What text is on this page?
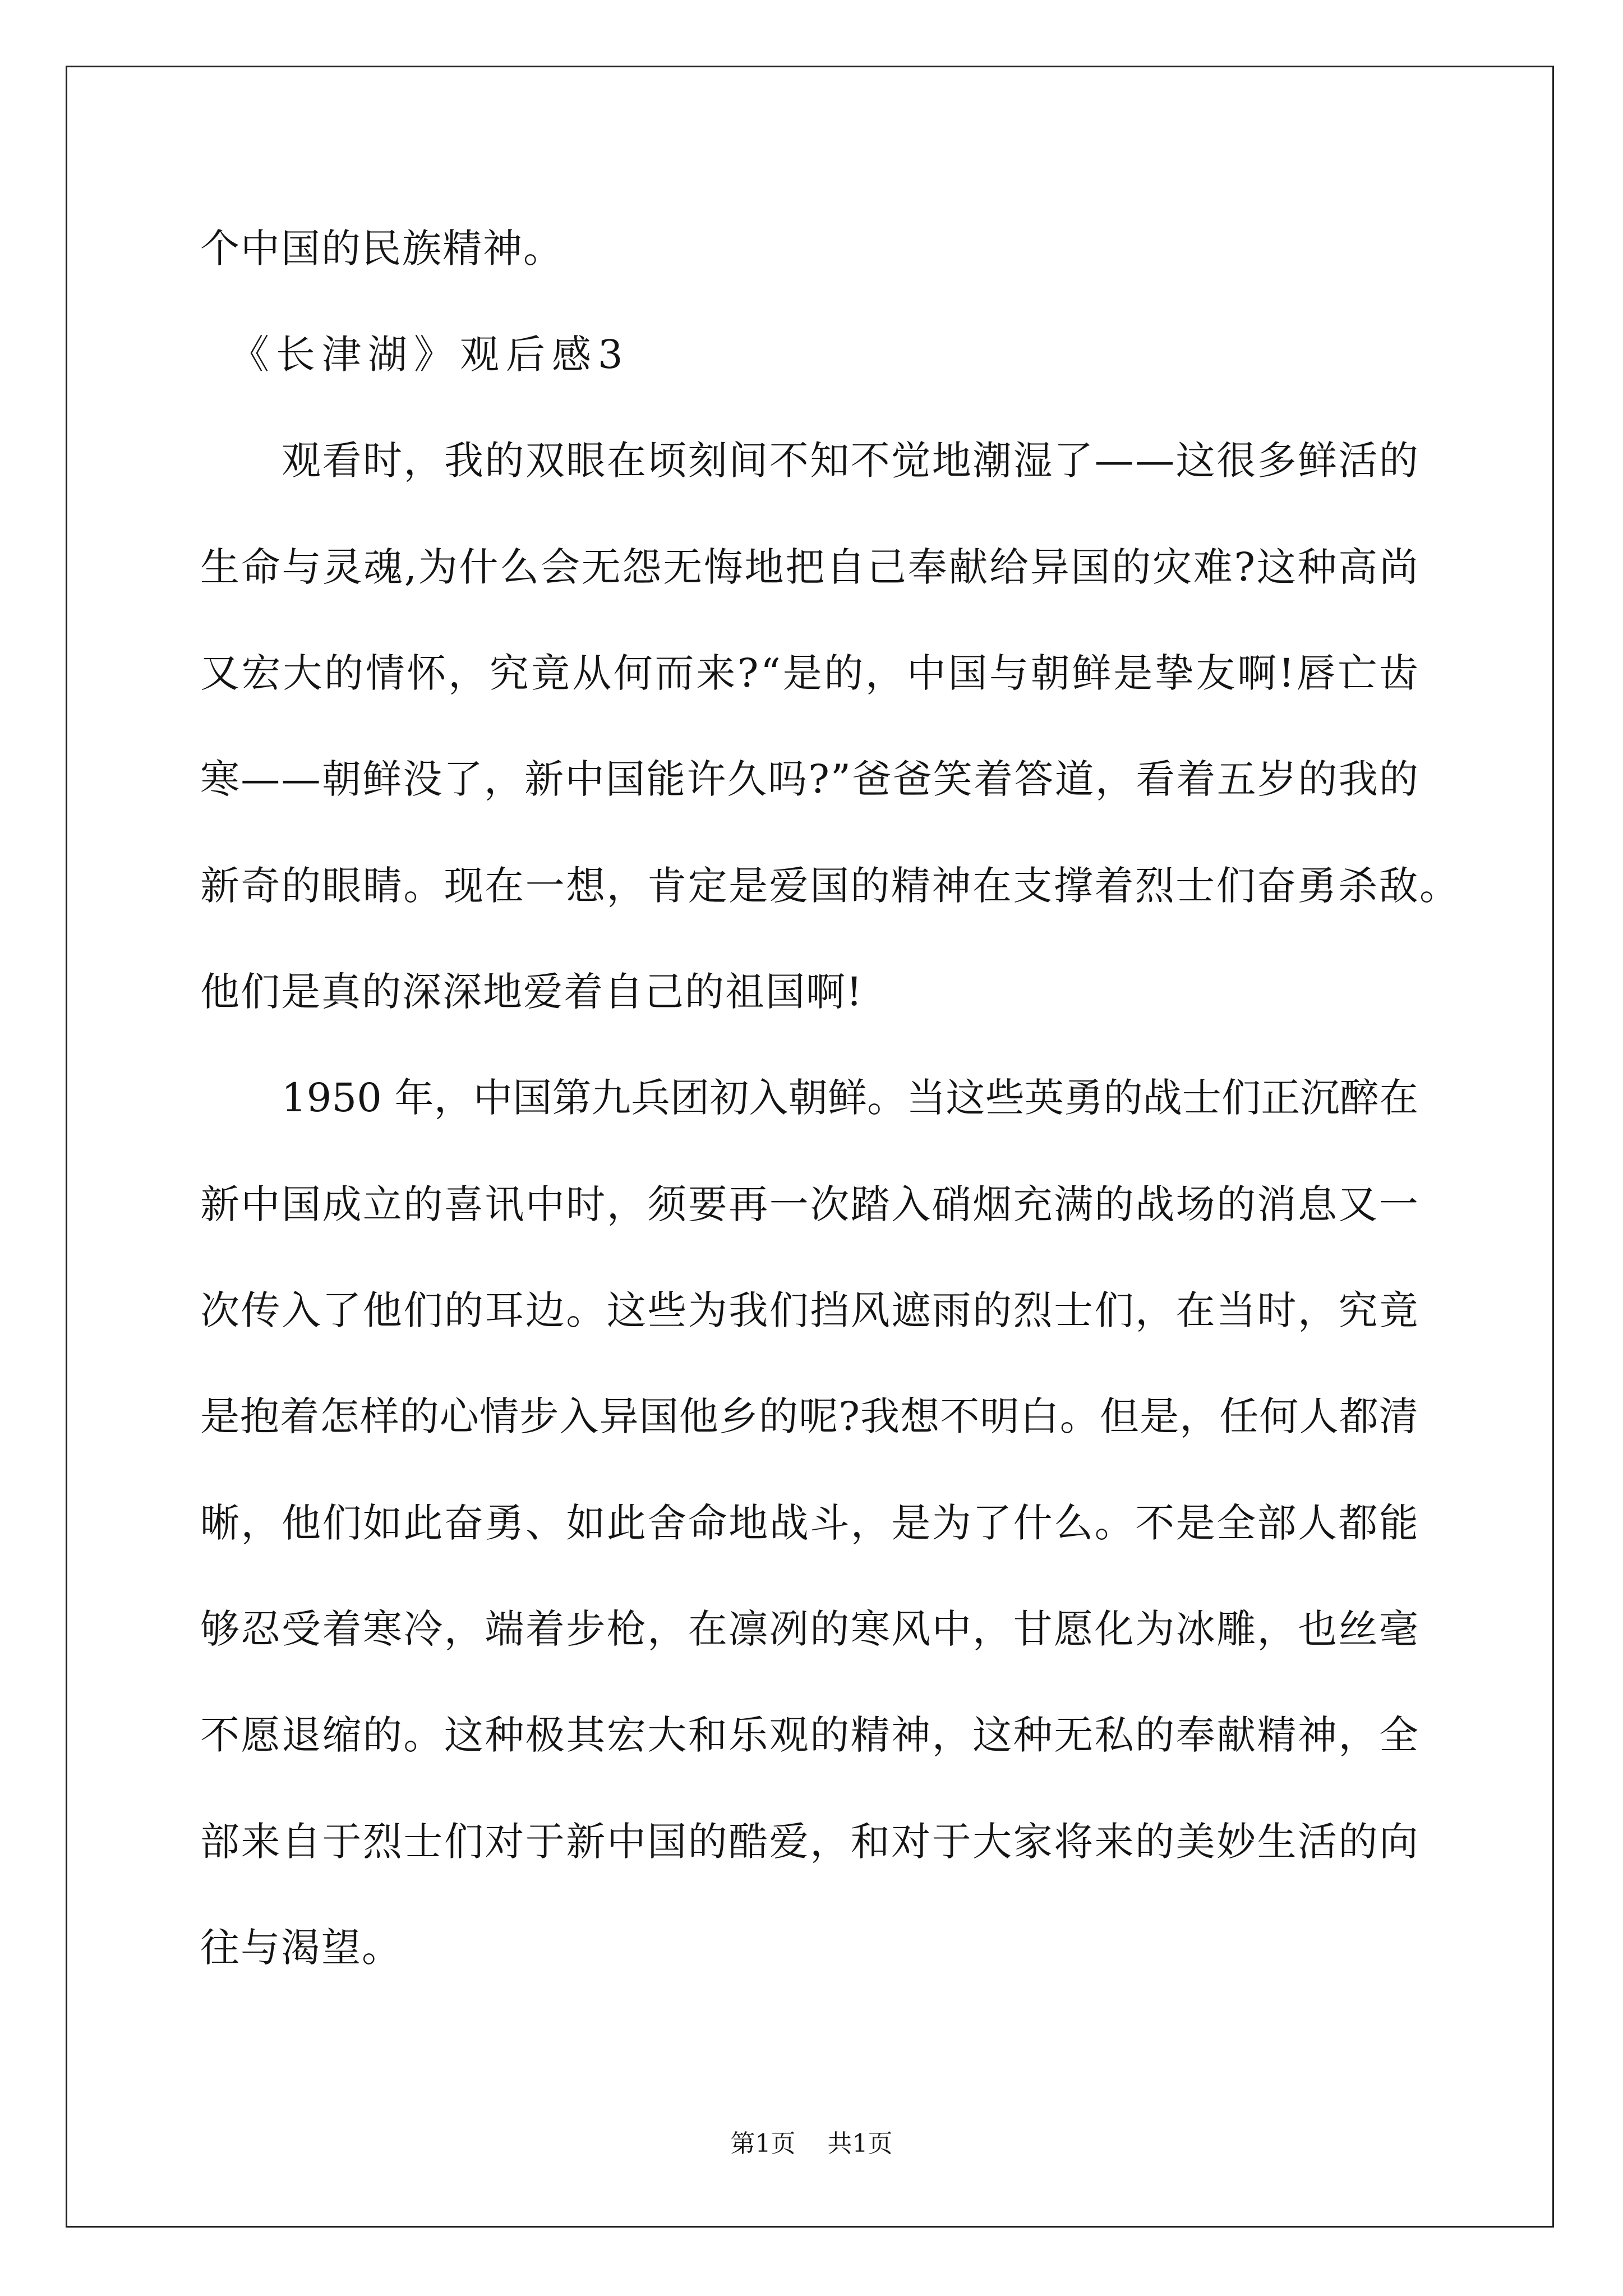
个中国的民族精神。
《长津湖》观后感3
观看时，我的双眼在顷刻间不知不觉地潮湿了——这很多鲜活的
生命与灵魂,为什么会无怨无悔地把自己奉献给异国的灾难?这种高尚
又宏大的情怀，究竟从何而来?“是的，中国与朝鲜是挚友啊!唇亡齿
寒——朝鲜没了，新中国能许久吗?”爸爸笑着答道，看着五岁的我的
新奇的眼睛。现在一想，肯定是爱国的精神在支撑着烈士们奋勇杀敌。
他们是真的深深地爱着自己的祖国啊!
1950 年，中国第九兵团初入朝鲜。当这些英勇的战士们正沉醉在
新中国成立的喜讯中时，须要再一次踏入硝烟充满的战场的消息又一
次传入了他们的耳边。这些为我们挡风遮雨的烈士们，在当时，究竟
是抱着怎样的心情步入异国他乡的呢?我想不明白。但是，任何人都清
晰，他们如此奋勇、如此舍命地战斗，是为了什么。不是全部人都能
够忍受着寒冷，端着步枪，在凛冽的寒风中，甘愿化为冰雕，也丝毫
不愿退缩的。这种极其宏大和乐观的精神，这种无私的奉献精神，全
部来自于烈士们对于新中国的酷爱，和对于大家将来的美妙生活的向
往与渴望。
第1页 共1页
